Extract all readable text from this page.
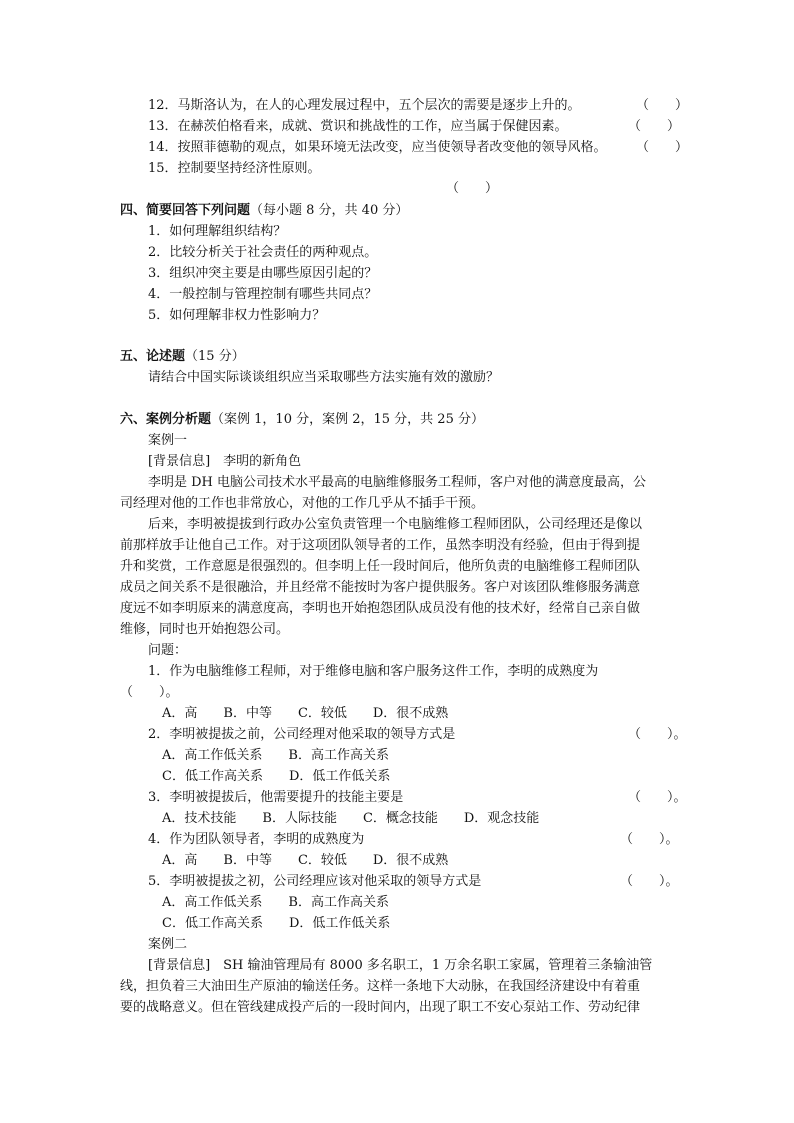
12．马斯洛认为，在人的心理发展过程中，五个层次的需要是逐步上升的。	（　　）
13．在赫茨伯格看来，成就、赏识和挑战性的工作，应当属于保健因素。	（　　）
14．按照菲德勒的观点，如果环境无法改变，应当使领导者改变他的领导风格。 （　　）
15．控制要坚持经济性原则。
（　　）
四、简要回答下列问题（每小题 8 分，共 40 分）
1．如何理解组织结构？
2．比较分析关于社会责任的两种观点。
3．组织冲突主要是由哪些原因引起的？
4．一般控制与管理控制有哪些共同点？
5．如何理解非权力性影响力？
五、论述题（15 分）
请结合中国实际谈谈组织应当采取哪些方法实施有效的激励？
六、案例分析题（案例 1，10 分，案例 2，15 分，共 25 分）
案例一
[背景信息]　李明的新角色
李明是 DH 电脑公司技术水平最高的电脑维修服务工程师，客户对他的满意度最高，公
司经理对他的工作也非常放心，对他的工作几乎从不插手干预。
后来，李明被提拔到行政办公室负责管理一个电脑维修工程师团队，公司经理还是像以
前那样放手让他自己工作。对于这项团队领导者的工作，虽然李明没有经验，但由于得到提
升和奖赏，工作意愿是很强烈的。但李明上任一段时间后，他所负责的电脑维修工程师团队
成员之间关系不是很融洽，并且经常不能按时为客户提供服务。客户对该团队维修服务满意
度远不如李明原来的满意度高，李明也开始抱怨团队成员没有他的技术好，经常自己亲自做
维修，同时也开始抱怨公司。
问题：
1．作为电脑维修工程师，对于维修电脑和客户服务这件工作，李明的成熟度为
（　　）。
A．高　　B．中等　　C．较低　　D．很不成熟
2．李明被提拔之前，公司经理对他采取的领导方式是	（　　）。
A．高工作低关系　　B．高工作高关系
C．低工作高关系　　D．低工作低关系
3．李明被提拔后，他需要提升的技能主要是	（　　）。
A．技术技能　　B．人际技能　　C．概念技能　　D．观念技能
4．作为团队领导者，李明的成熟度为	（　　）。
A．高　　B．中等　　C．较低　　D．很不成熟
5．李明被提拔之初，公司经理应该对他采取的领导方式是	（　　）。
A．高工作低关系　　B．高工作高关系
C．低工作高关系　　D．低工作低关系
案例二
[背景信息]　SH 输油管理局有 8000 多名职工，1 万余名职工家属，管理着三条输油管
线，担负着三大油田生产原油的输送任务。这样一条地下大动脉，在我国经济建设中有着重
要的战略意义。但在管线建成投产后的一段时间内，出现了职工不安心泵站工作、劳动纪律
